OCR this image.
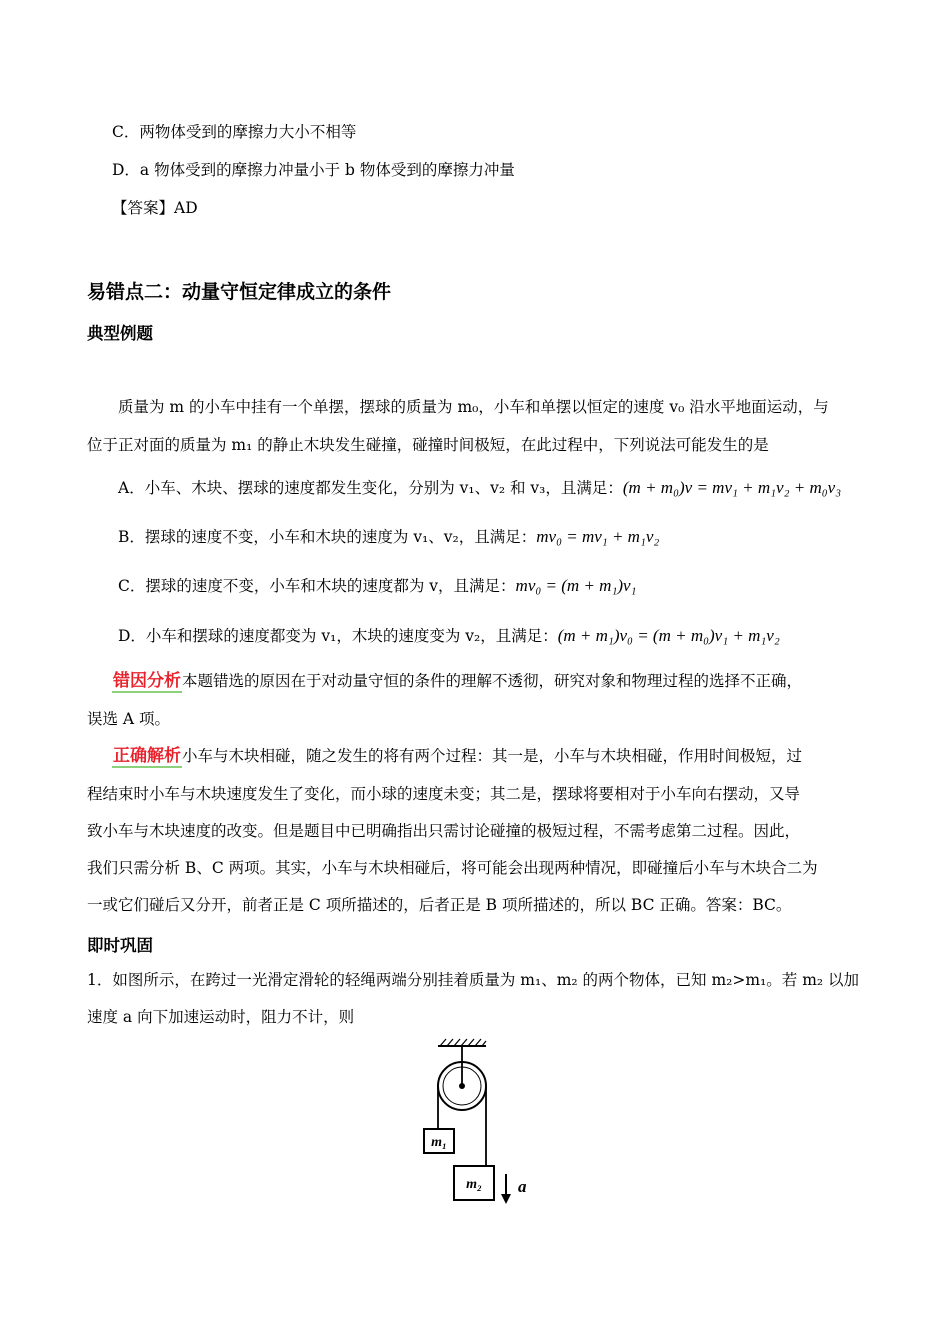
C．两物体受到的摩擦力大小不相等
D．a 物体受到的摩擦力冲量小于 b 物体受到的摩擦力冲量
【答案】AD
易错点二：动量守恒定律成立的条件
典型例题
质量为 m 的小车中挂有一个单摆，摆球的质量为 m₀，小车和单摆以恒定的速度 v₀ 沿水平地面运动，与
位于正对面的质量为 m₁ 的静止木块发生碰撞，碰撞时间极短，在此过程中，下列说法可能发生的是
A．小车、木块、摆球的速度都发生变化，分别为 v₁、v₂ 和 v₃，且满足：(m + m₀)v = mv₁ + m₁v₂ + m₀v₃
B．摆球的速度不变，小车和木块的速度为 v₁、v₂，且满足：mv₀ = mv₁ + m₁v₂
C．摆球的速度不变，小车和木块的速度都为 v，且满足：mv₀ = (m + m₁)v₁
D．小车和摆球的速度都变为 v₁，木块的速度变为 v₂，且满足：(m + m₁)v₀ = (m + m₀)v₁ + m₁v₂
错因分析本题错选的原因在于对动量守恒的条件的理解不透彻，研究对象和物理过程的选择不正确，
误选 A 项。
正确解析小车与木块相碰，随之发生的将有两个过程：其一是，小车与木块相碰，作用时间极短，过
程结束时小车与木块速度发生了变化，而小球的速度未变；其二是，摆球将要相对于小车向右摆动，又导
致小车与木块速度的改变。但是题目中已明确指出只需讨论碰撞的极短过程，不需考虑第二过程。因此，
我们只需分析 B、C 两项。其实，小车与木块相碰后，将可能会出现两种情况，即碰撞后小车与木块合二为
一或它们碰后又分开，前者正是 C 项所描述的，后者正是 B 项所描述的，所以 BC 正确。答案：BC。
即时巩固
1．如图所示，在跨过一光滑定滑轮的轻绳两端分别挂着质量为 m₁、m₂ 的两个物体，已知 m₂>m₁。若 m₂ 以加
速度 a 向下加速运动时，阻力不计，则
m₁
m₂ a
